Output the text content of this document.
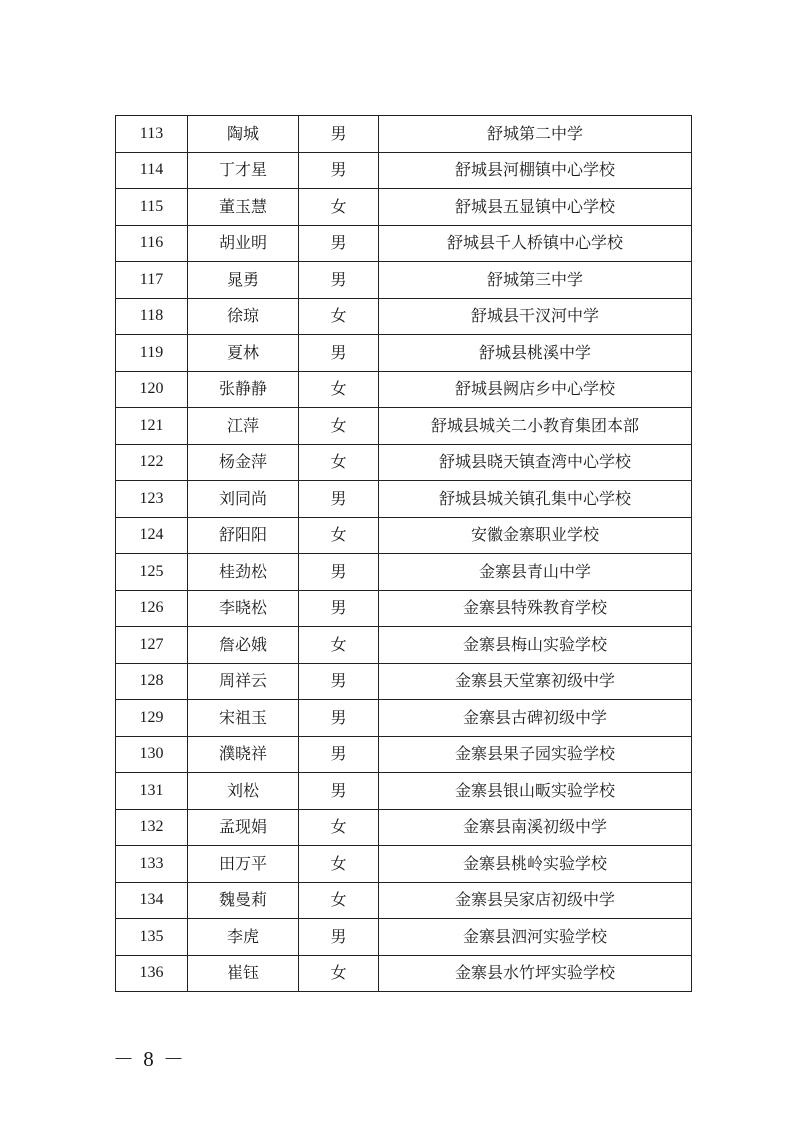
113	陶城	男	舒城第二中学
114	丁才星	男	舒城县河棚镇中心学校
115	董玉慧	女	舒城县五显镇中心学校
116	胡业明	男	舒城县千人桥镇中心学校
117	晁勇	男	舒城第三中学
118	徐琼	女	舒城县干汊河中学
119	夏林	男	舒城县桃溪中学
120	张静静	女	舒城县阙店乡中心学校
121	江萍	女	舒城县城关二小教育集团本部
122	杨金萍	女	舒城县晓天镇查湾中心学校
123	刘同尚	男	舒城县城关镇孔集中心学校
124	舒阳阳	女	安徽金寨职业学校
125	桂劲松	男	金寨县青山中学
126	李晓松	男	金寨县特殊教育学校
127	詹必娥	女	金寨县梅山实验学校
128	周祥云	男	金寨县天堂寨初级中学
129	宋祖玉	男	金寨县古碑初级中学
130	濮晓祥	男	金寨县果子园实验学校
131	刘松	男	金寨县银山畈实验学校
132	孟现娟	女	金寨县南溪初级中学
133	田万平	女	金寨县桃岭实验学校
134	魏曼莉	女	金寨县吴家店初级中学
135	李虎	男	金寨县泗河实验学校
136	崔钰	女	金寨县水竹坪实验学校
－ 8 －
